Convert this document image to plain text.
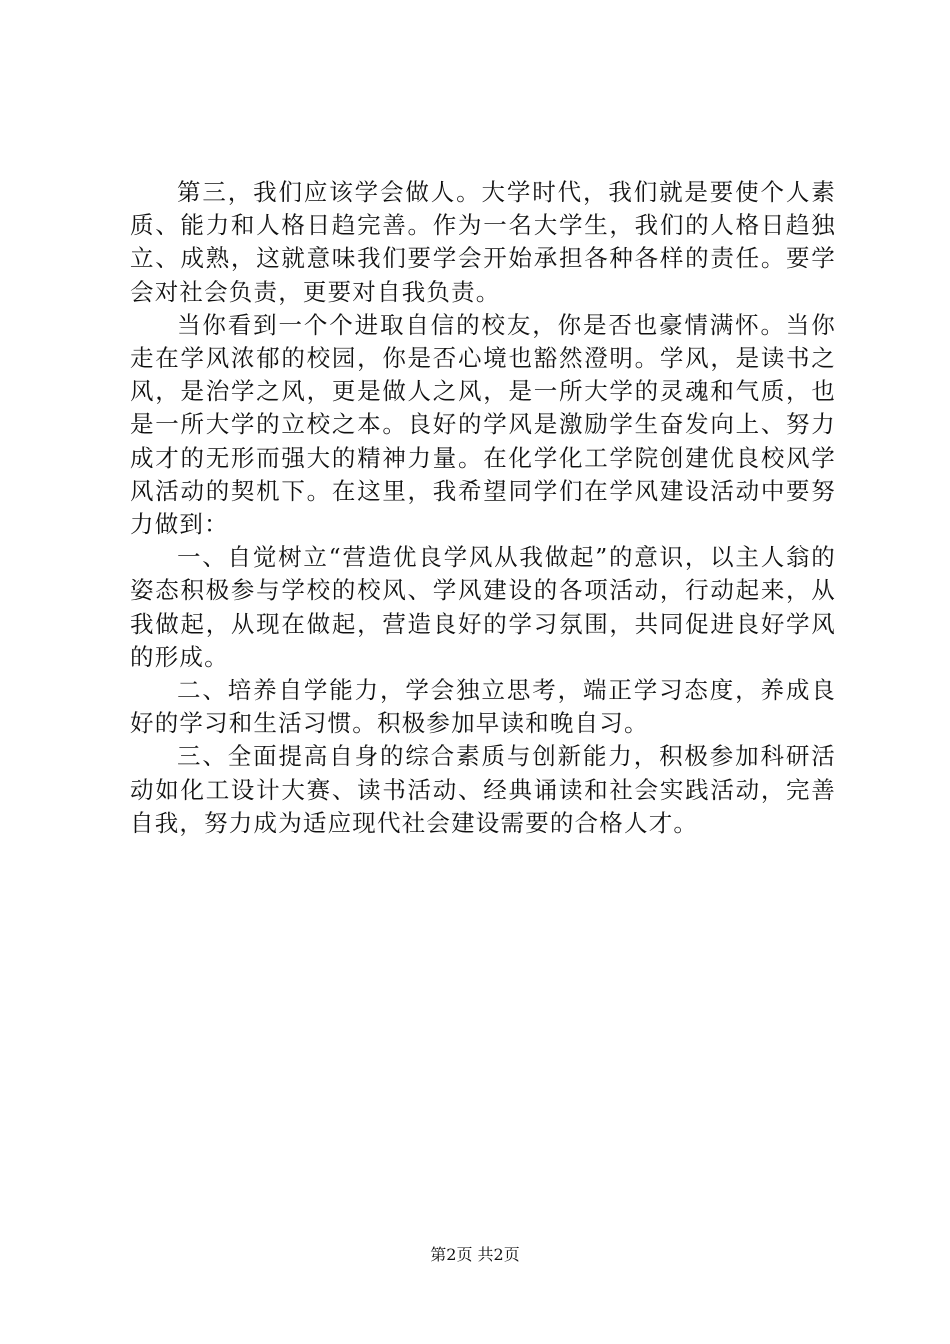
第三，我们应该学会做人。大学时代，我们就是要使个人素质、能力和人格日趋完善。作为一名大学生，我们的人格日趋独立、成熟，这就意味我们要学会开始承担各种各样的责任。要学会对社会负责，更要对自我负责。

当你看到一个个进取自信的校友，你是否也豪情满怀。当你走在学风浓郁的校园，你是否心境也豁然澄明。学风，是读书之风，是治学之风，更是做人之风，是一所大学的灵魂和气质，也是一所大学的立校之本。良好的学风是激励学生奋发向上、努力成才的无形而强大的精神力量。在化学化工学院创建优良校风学风活动的契机下。在这里，我希望同学们在学风建设活动中要努力做到：

一、自觉树立“营造优良学风从我做起”的意识，以主人翁的姿态积极参与学校的校风、学风建设的各项活动，行动起来，从我做起，从现在做起，营造良好的学习氛围，共同促进良好学风的形成。

二、培养自学能力，学会独立思考，端正学习态度，养成良好的学习和生活习惯。积极参加早读和晚自习。

三、全面提高自身的综合素质与创新能力，积极参加科研活动如化工设计大赛、读书活动、经典诵读和社会实践活动，完善自我，努力成为适应现代社会建设需要的合格人才。

第2页 共2页
